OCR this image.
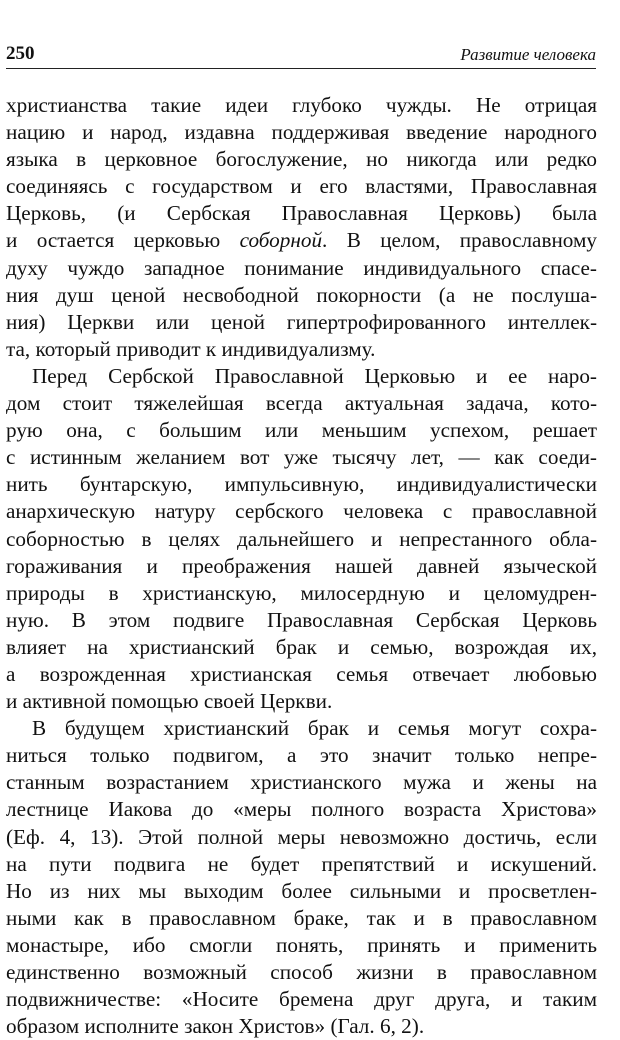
250	Развитие человека
христианства такие идеи глубоко чужды. Не отрицая
нацию и народ, издавна поддерживая введение народного
языка в церковное богослужение, но никогда или редко
соединяясь с государством и его властями, Православная
Церковь, (и Сербская Православная Церковь) была
и остается церковью соборной. В целом, православному
духу чуждо западное понимание индивидуального спасе-
ния душ ценой несвободной покорности (а не послуша-
ния) Церкви или ценой гипертрофированного интеллек-
та, который приводит к индивидуализму.
Перед Сербской Православной Церковью и ее наро-
дом стоит тяжелейшая всегда актуальная задача, кото-
рую она, с большим или меньшим успехом, решает
с истинным желанием вот уже тысячу лет, — как соеди-
нить бунтарскую, импульсивную, индивидуалистически
анархическую натуру сербского человека с православной
соборностью в целях дальнейшего и непрестанного обла-
гораживания и преображения нашей давней языческой
природы в христианскую, милосердную и целомудрен-
ную. В этом подвиге Православная Сербская Церковь
влияет на христианский брак и семью, возрождая их,
а возрожденная христианская семья отвечает любовью
и активной помощью своей Церкви.
В будущем христианский брак и семья могут сохра-
ниться только подвигом, а это значит только непре-
станным возрастанием христианского мужа и жены на
лестнице Иакова до «меры полного возраста Христова»
(Еф. 4, 13). Этой полной меры невозможно достичь, если
на пути подвига не будет препятствий и искушений.
Но из них мы выходим более сильными и просветлен-
ными как в православном браке, так и в православном
монастыре, ибо смогли понять, принять и применить
единственно возможный способ жизни в православном
подвижничестве: «Носите бремена друг друга, и таким
образом исполните закон Христов» (Гал. 6, 2).
